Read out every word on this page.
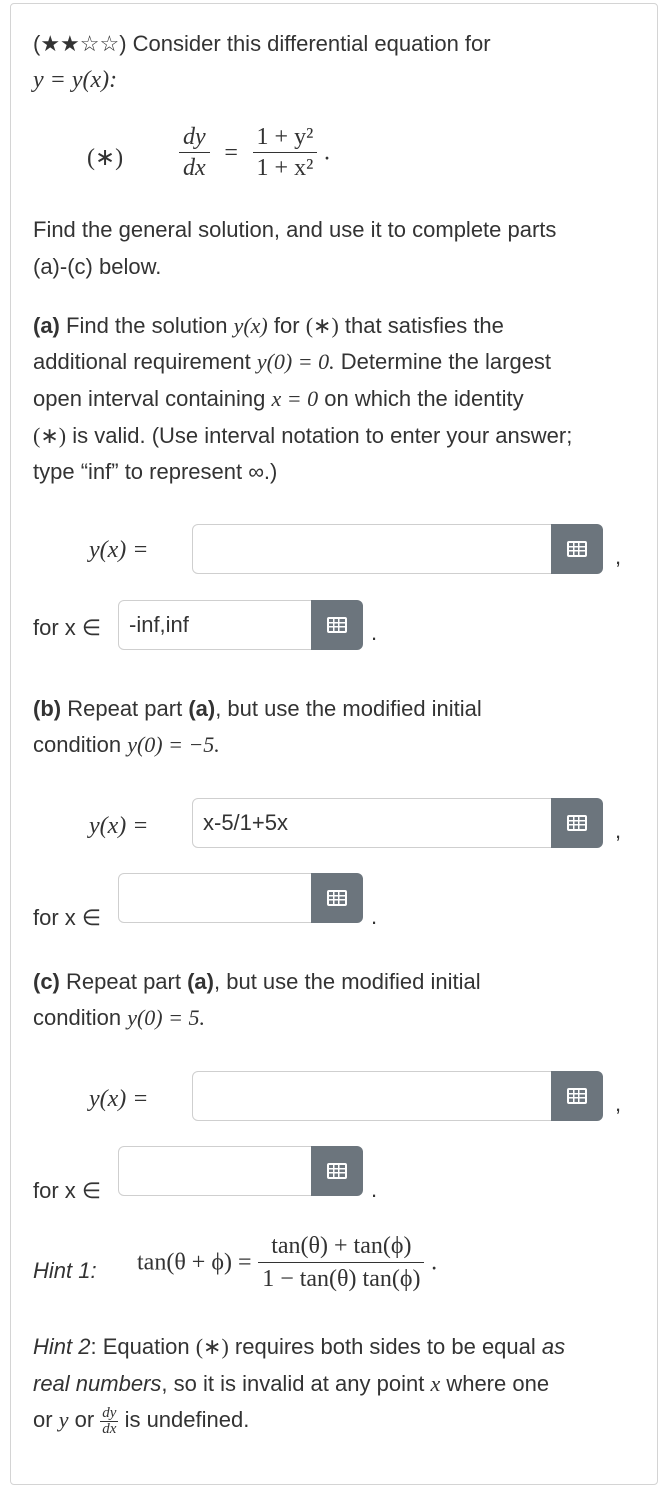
(★★☆☆) Consider this differential equation for
y = y(x):
(∗) $\frac{dy}{dx} = \frac{\text{1 + y²}}{\text{1 + x²}}$ .
Find the general solution, and use it to complete parts
(a)-(c) below.
(a) Find the solution y(x) for (∗) that satisfies the
additional requirement y(0) = 0. Determine the largest
open interval containing x = 0 on which the identity
(∗) is valid. (Use interval notation to enter your answer;
type “inf” to represent ∞.)
y(x) =	,
for x ∈	-inf,inf	.
(b) Repeat part (a), but use the modified initial
condition y(0) = −5.
y(x) =	x-5/1+5x	,
for x ∈	.
(c) Repeat part (a), but use the modified initial
condition y(0) = 5.
y(x) =	,
for x ∈	.
Hint 1: $\tan(\theta + \phi) = \frac{\tan(\theta) + \tan(\phi)}{1 - \tan(\theta) \tan(\phi)}$ .
Hint 2: Equation (∗) requires both sides to be equal as
real numbers, so it is invalid at any point x where one
or y or $\frac{dy}{dx}$ is undefined.
